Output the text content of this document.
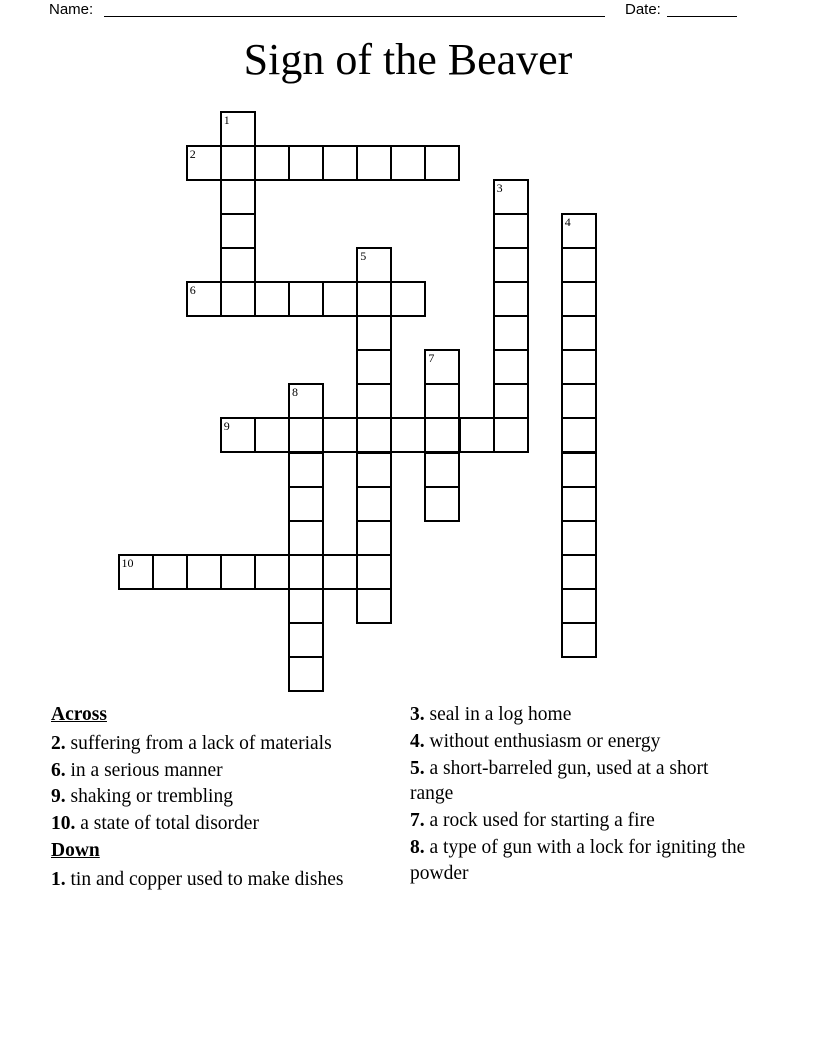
Name:	Date:
Sign of the Beaver
1
2
3
4
5
6
7
8
9
10
Across
2. suffering from a lack of materials
6. in a serious manner
9. shaking or trembling
10. a state of total disorder
Down
1. tin and copper used to make dishes
3. seal in a log home
4. without enthusiasm or energy
5. a short-barreled gun, used at a short range
7. a rock used for starting a fire
8. a type of gun with a lock for igniting the powder
